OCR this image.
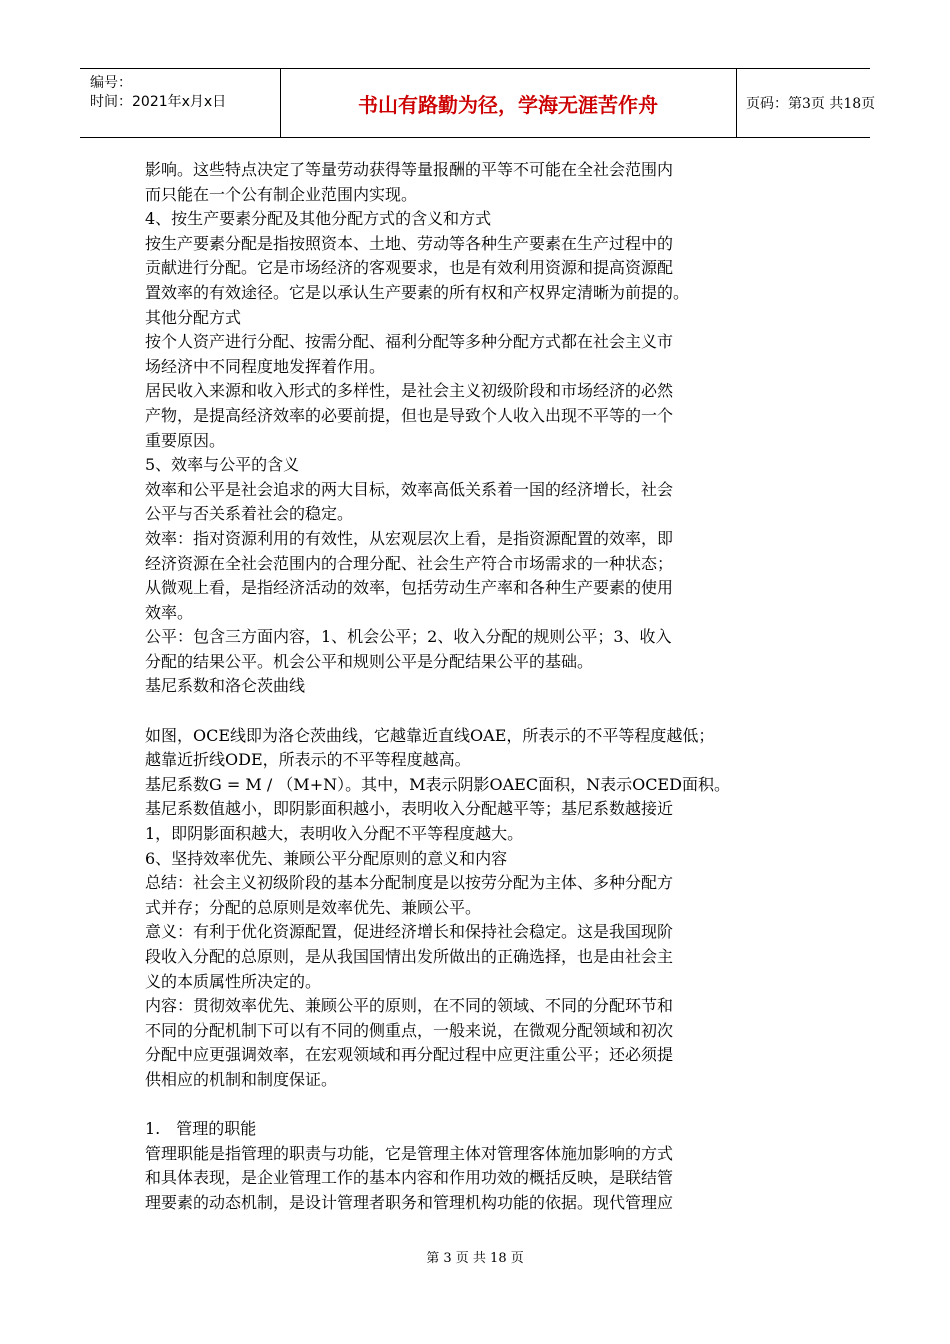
编号：
时间：2021年x月x日	书山有路勤为径，学海无涯苦作舟	页码：第3页 共18页

影响。这些特点决定了等量劳动获得等量报酬的平等不可能在全社会范围内

而只能在一个公有制企业范围内实现。

4、按生产要素分配及其他分配方式的含义和方式

按生产要素分配是指按照资本、土地、劳动等各种生产要素在生产过程中的

贡献进行分配。它是市场经济的客观要求，也是有效利用资源和提高资源配

置效率的有效途径。它是以承认生产要素的所有权和产权界定清晰为前提的。

其他分配方式

按个人资产进行分配、按需分配、福利分配等多种分配方式都在社会主义市

场经济中不同程度地发挥着作用。

居民收入来源和收入形式的多样性，是社会主义初级阶段和市场经济的必然

产物，是提高经济效率的必要前提，但也是导致个人收入出现不平等的一个

重要原因。

5、效率与公平的含义

效率和公平是社会追求的两大目标，效率高低关系着一国的经济增长，社会

公平与否关系着社会的稳定。

效率：指对资源利用的有效性，从宏观层次上看，是指资源配置的效率，即

经济资源在全社会范围内的合理分配、社会生产符合市场需求的一种状态；

从微观上看，是指经济活动的效率，包括劳动生产率和各种生产要素的使用

效率。

公平：包含三方面内容，1、机会公平；2、收入分配的规则公平；3、收入

分配的结果公平。机会公平和规则公平是分配结果公平的基础。

基尼系数和洛仑茨曲线

如图，OCE线即为洛仑茨曲线，它越靠近直线OAE，所表示的不平等程度越低；

越靠近折线ODE，所表示的不平等程度越高。

基尼系数G = M / （M+N）。其中，M表示阴影OAEC面积，N表示OCED面积。

基尼系数值越小，即阴影面积越小，表明收入分配越平等；基尼系数越接近

1，即阴影面积越大，表明收入分配不平等程度越大。

6、坚持效率优先、兼顾公平分配原则的意义和内容

总结：社会主义初级阶段的基本分配制度是以按劳分配为主体、多种分配方

式并存；分配的总原则是效率优先、兼顾公平。

意义：有利于优化资源配置，促进经济增长和保持社会稳定。这是我国现阶

段收入分配的总原则，是从我国国情出发所做出的正确选择，也是由社会主

义的本质属性所决定的。

内容：贯彻效率优先、兼顾公平的原则，在不同的领域、不同的分配环节和

不同的分配机制下可以有不同的侧重点，一般来说，在微观分配领域和初次

分配中应更强调效率，在宏观领域和再分配过程中应更注重公平；还必须提

供相应的机制和制度保证。

1.　管理的职能

管理职能是指管理的职责与功能，它是管理主体对管理客体施加影响的方式

和具体表现，是企业管理工作的基本内容和作用功效的概括反映，是联结管

理要素的动态机制，是设计管理者职务和管理机构功能的依据。现代管理应

第 3 页 共 18 页
